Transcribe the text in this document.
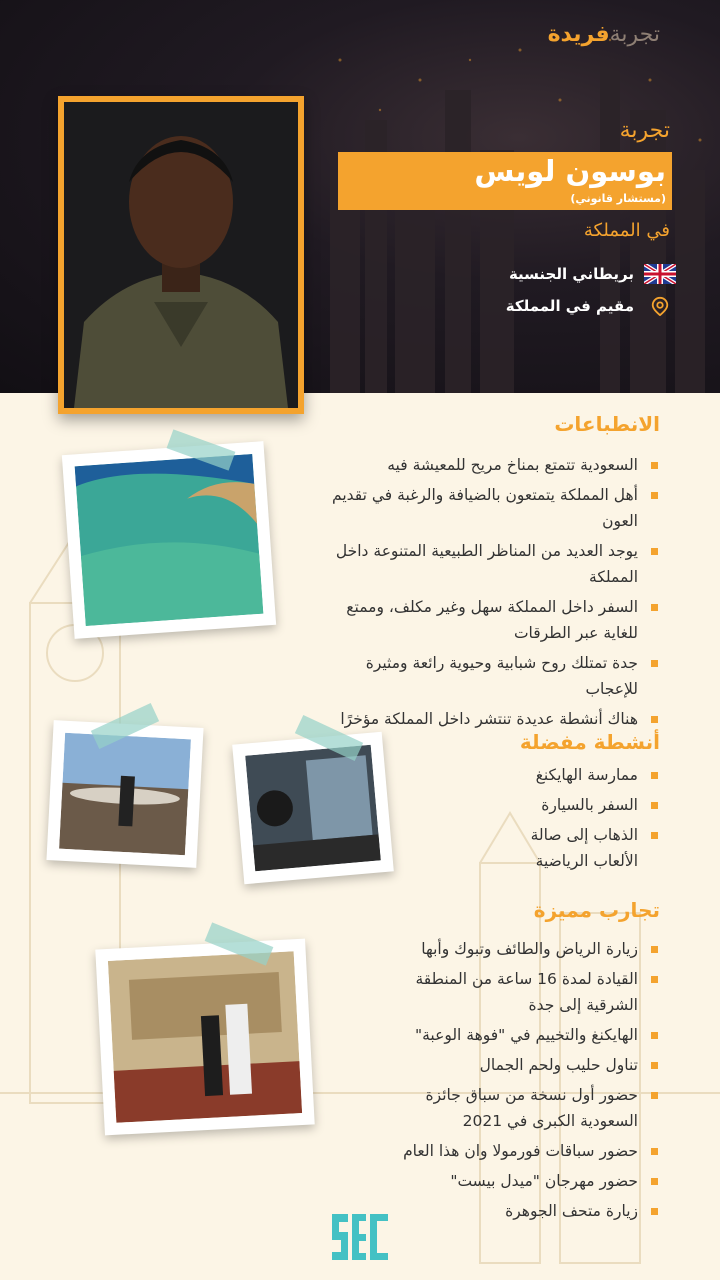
تجربةفريدة
تجربة
بوسون لويس
(مستشار قانوني)
في المملكة
بريطاني الجنسية
مقيم في المملكة
الانطباعات
السعودية تتمتع بمناخ مريح للمعيشة فيه
أهل المملكة يتمتعون بالضيافة والرغبة في تقديم العون
يوجد العديد من المناظر الطبيعية المتنوعة داخل المملكة
السفر داخل المملكة سهل وغير مكلف، وممتع للغاية عبر الطرقات
جدة تمتلك روح شبابية وحيوية رائعة ومثيرة للإعجاب
هناك أنشطة عديدة تنتشر داخل المملكة مؤخرًا
أنشطة مفضلة
ممارسة الهايكنغ
السفر بالسيارة
الذهاب إلى صالة الألعاب الرياضية
تجارب مميزة
زيارة الرياض والطائف وتبوك وأبها
القيادة لمدة 16 ساعة من المنطقة الشرقية إلى جدة
الهايكنغ والتخييم في "فوهة الوعبة"
تناول حليب ولحم الجمال
حضور أول نسخة من سباق جائزة السعودية الكبرى في 2021
حضور سباقات فورمولا وان هذا العام
حضور مهرجان "ميدل بيست"
زيارة متحف الجوهرة
